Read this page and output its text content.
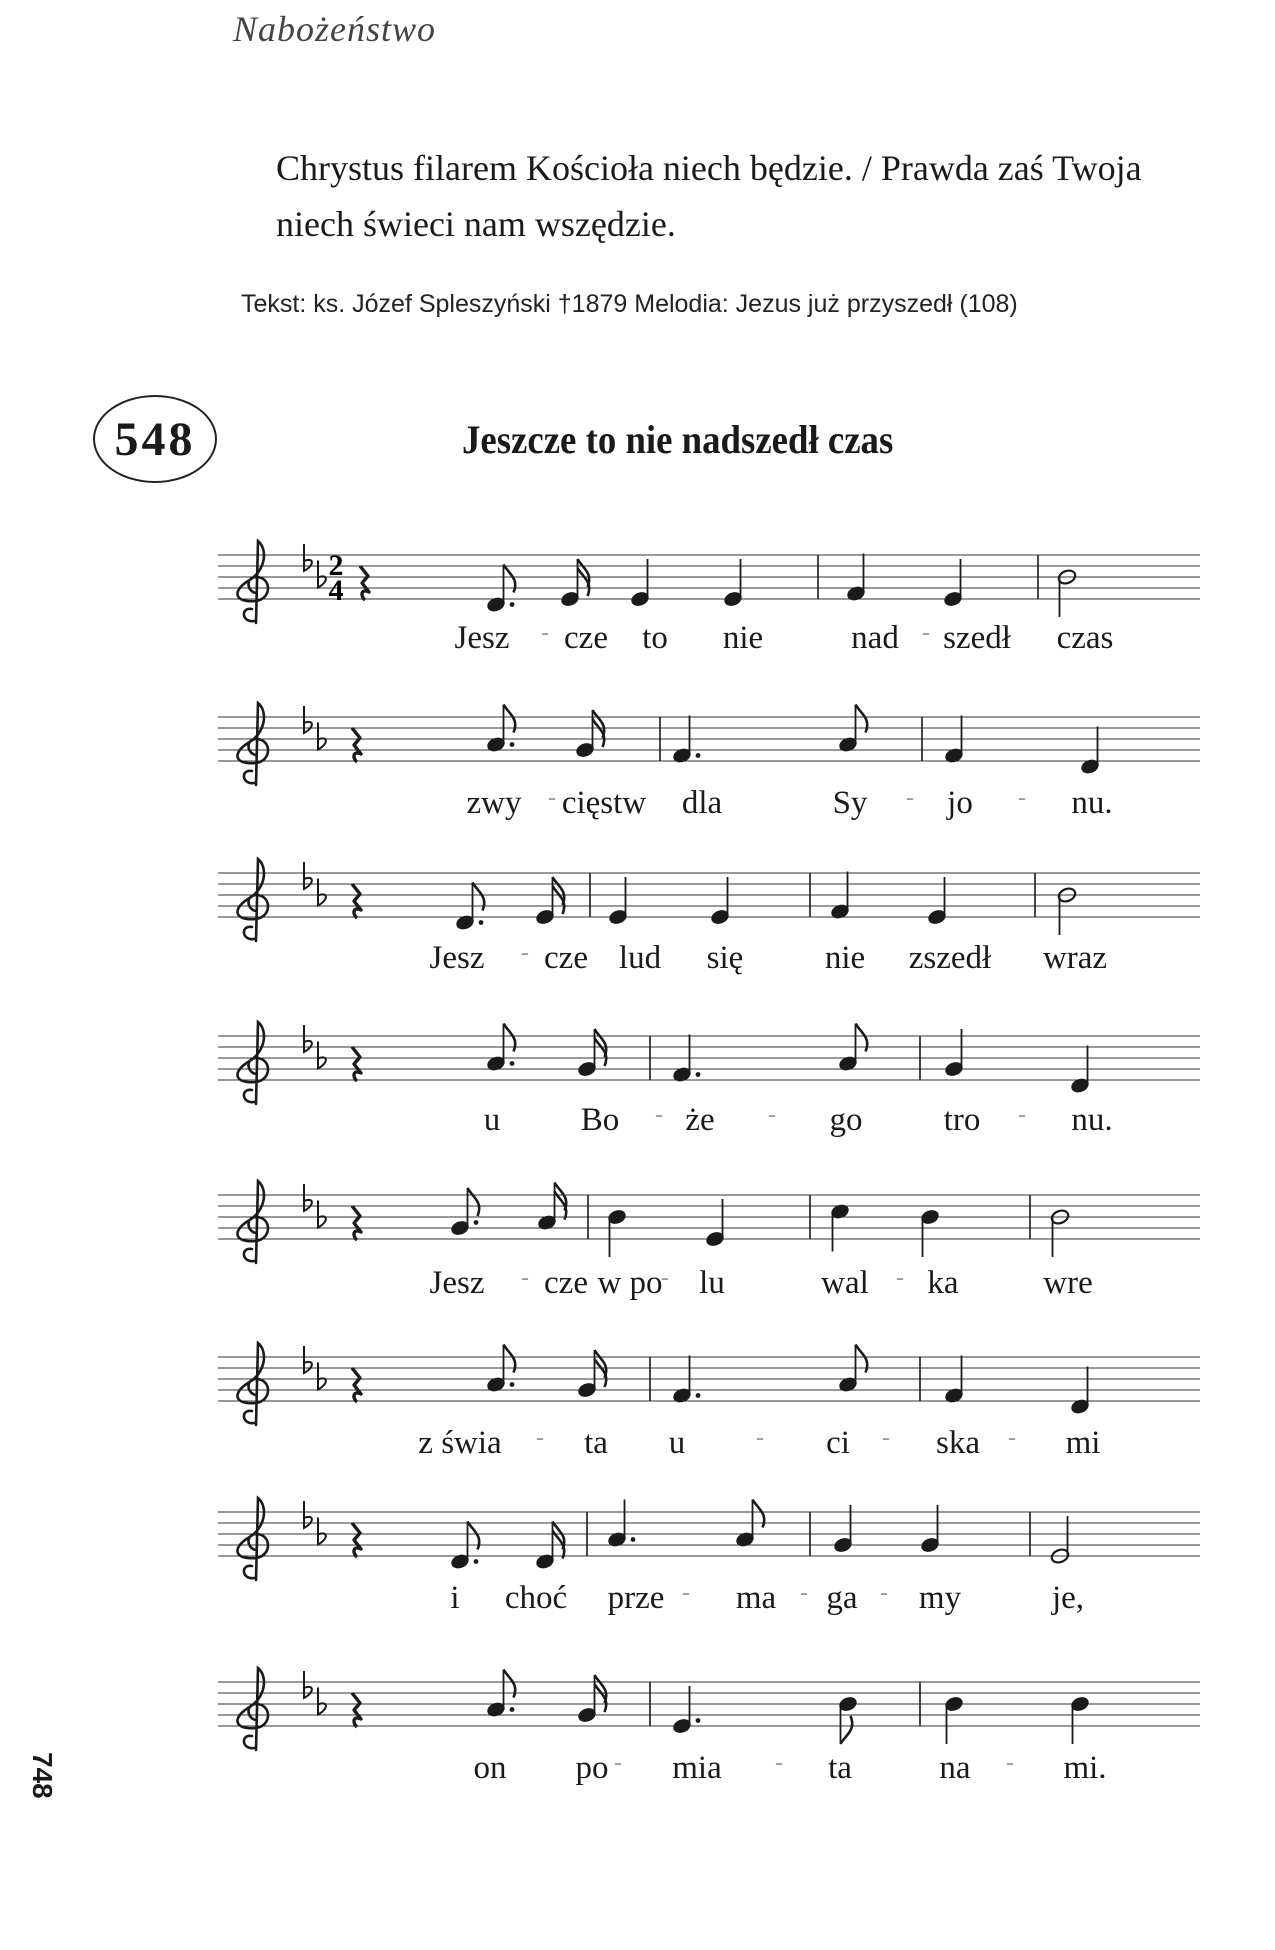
Nabożeństwo

Chrystus filarem Kościoła niech będzie. / Prawda zaś Twoja niech świeci nam wszędzie.

Tekst: ks. Józef Spleszyński †1879 Melodia: Jezus już przyszedł (108)

548	Jeszcze to nie nadszedł czas
2
4
Jesz - cze to nie	nad - szedł czas
zwy - cięstw dla	Sy - jo - nu.
Jesz - cze lud się nie zszedł wraz
u Bo - że - go tro - nu.
Jesz - cze w po
- lu	wal - ka	wre
z świa - ta u	- ci - ska - mi
i choć prze - ma - ga - my	je,
on po - mia - ta	na - mi.
748
